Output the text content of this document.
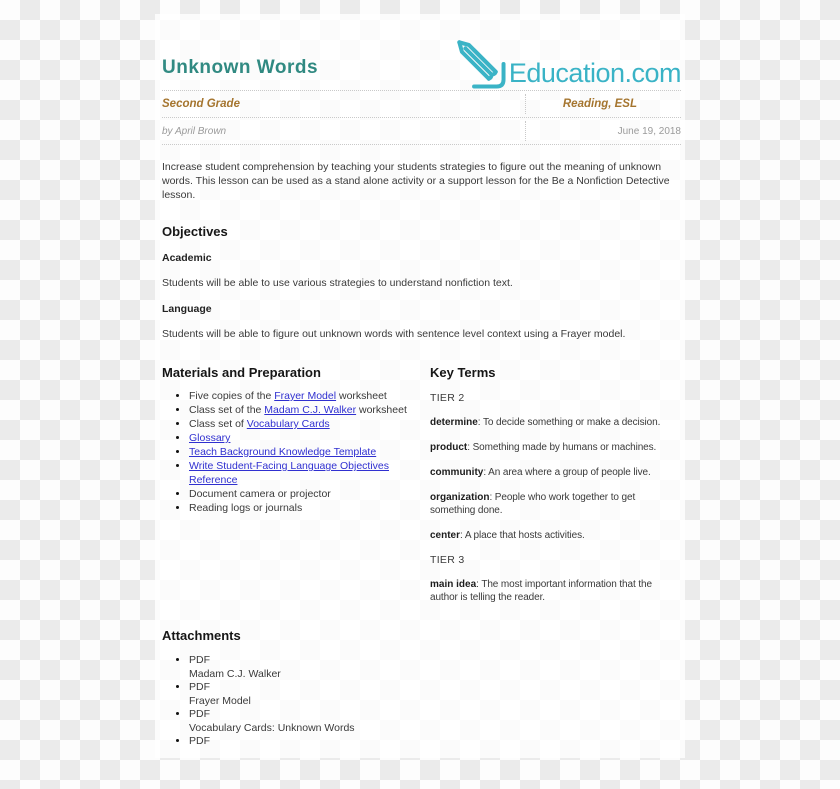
Unknown Words	Education.com
Second Grade	Reading, ESL
by April Brown	June 19, 2018

Increase student comprehension by teaching your students strategies to figure out the meaning of unknown words. This lesson can be used as a stand alone activity or a support lesson for the Be a Nonfiction Detective lesson.

Objectives
Academic

Students will be able to use various strategies to understand nonfiction text.

Language

Students will be able to figure out unknown words with sentence level context using a Frayer model.

Materials and Preparation
• Five copies of the Frayer Model worksheet
• Class set of the Madam C.J. Walker worksheet
• Class set of Vocabulary Cards
• Glossary
• Teach Background Knowledge Template
• Write Student-Facing Language Objectives Reference
• Document camera or projector
• Reading logs or journals
Key Terms

TIER 2

determine: To decide something or make a decision.

product: Something made by humans or machines.

community: An area where a group of people live.

organization: People who work together to get something done.

center: A place that hosts activities.

TIER 3

main idea: The most important information that the author is telling the reader.

Attachments
• PDF
Madam C.J. Walker
• PDF
Frayer Model
• PDF
Vocabulary Cards: Unknown Words
• PDF
